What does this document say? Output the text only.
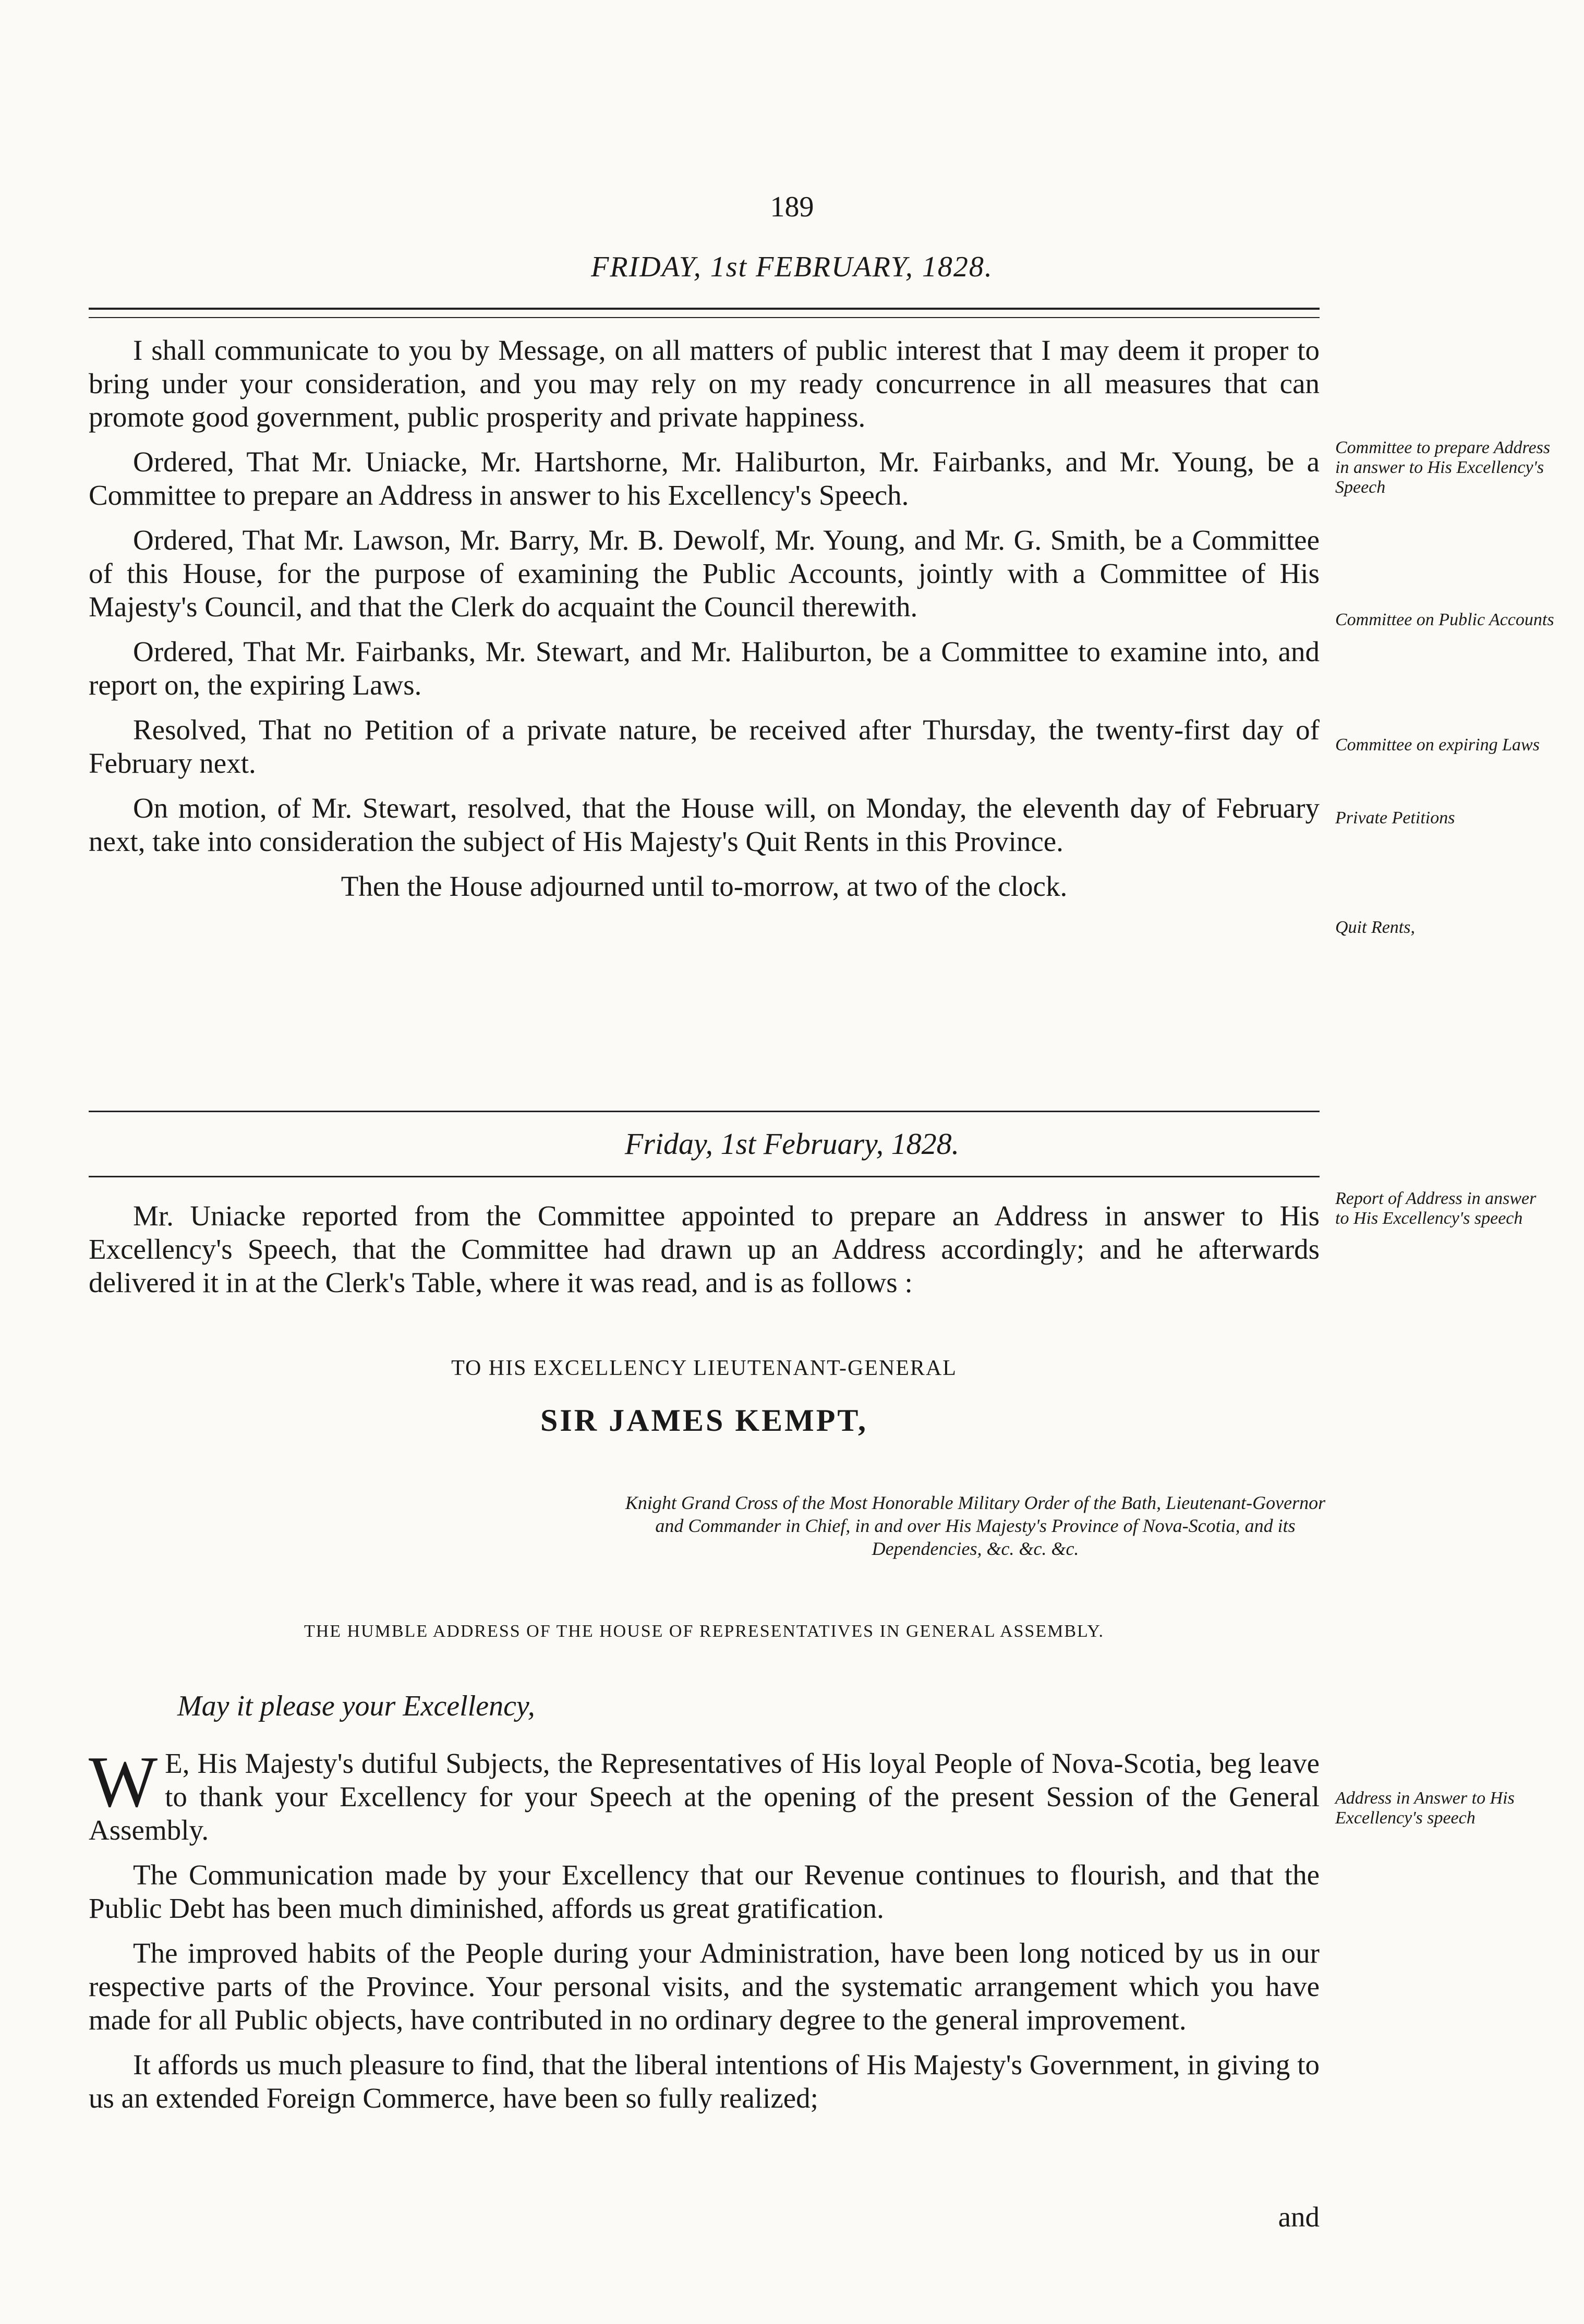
189
FRIDAY, 1st FEBRUARY, 1828.

I shall communicate to you by Message, on all matters of public interest that I may deem it proper to bring under your consideration, and you may rely on my ready concurrence in all measures that can promote good government, public prosperity and private happiness.

Ordered, That Mr. Uniacke, Mr. Hartshorne, Mr. Haliburton, Mr. Fairbanks, and Mr. Young, be a Committee to prepare an Address in answer to his Excellency's Speech.

Ordered, That Mr. Lawson, Mr. Barry, Mr. B. Dewolf, Mr. Young, and Mr. G. Smith, be a Committee of this House, for the purpose of examining the Public Accounts, jointly with a Committee of His Majesty's Council, and that the Clerk do acquaint the Council therewith.

Ordered, That Mr. Fairbanks, Mr. Stewart, and Mr. Haliburton, be a Committee to examine into, and report on, the expiring Laws.

Resolved, That no Petition of a private nature, be received after Thursday, the twenty-first day of February next.

On motion, of Mr. Stewart, resolved, that the House will, on Monday, the eleventh day of February next, take into consideration the subject of His Majesty's Quit Rents in this Province.

Then the House adjourned until to-morrow, at two of the clock.

Friday, 1st February, 1828.

Mr. Uniacke reported from the Committee appointed to prepare an Address in answer to His Excellency's Speech, that the Committee had drawn up an Address accordingly; and he afterwards delivered it in at the Clerk's Table, where it was read, and is as follows :

TO HIS EXCELLENCY LIEUTENANT-GENERAL
SIR JAMES KEMPT,
Knight Grand Cross of the Most Honorable Military Order of the Bath, Lieutenant-Governor and Commander in Chief, in and over His Majesty's Province of Nova-Scotia, and its Dependencies, &c. &c. &c.
THE HUMBLE ADDRESS OF THE HOUSE OF REPRESENTATIVES IN GENERAL ASSEMBLY.
May it please your Excellency,

W E, His Majesty's dutiful Subjects, the Representatives of His loyal People of Nova-Scotia, beg leave to thank your Excellency for your Speech at the opening of the present Session of the General Assembly.

The Communication made by your Excellency that our Revenue continues to flourish, and that the Public Debt has been much diminished, affords us great gratification.

The improved habits of the People during your Administration, have been long noticed by us in our respective parts of the Province. Your personal visits, and the systematic arrangement which you have made for all Public objects, have contributed in no ordinary degree to the general improvement.

It affords us much pleasure to find, that the liberal intentions of His Majesty's Government, in giving to us an extended Foreign Commerce, have been so fully realized;

and
Committee to prepare Address in answer to His Excellency's Speech
Committee on Public Accounts
Committee on expiring Laws
Private Petitions
Quit Rents,
Report of Address in answer to His Excellency's speech
Address in Answer to His Excellency's speech
